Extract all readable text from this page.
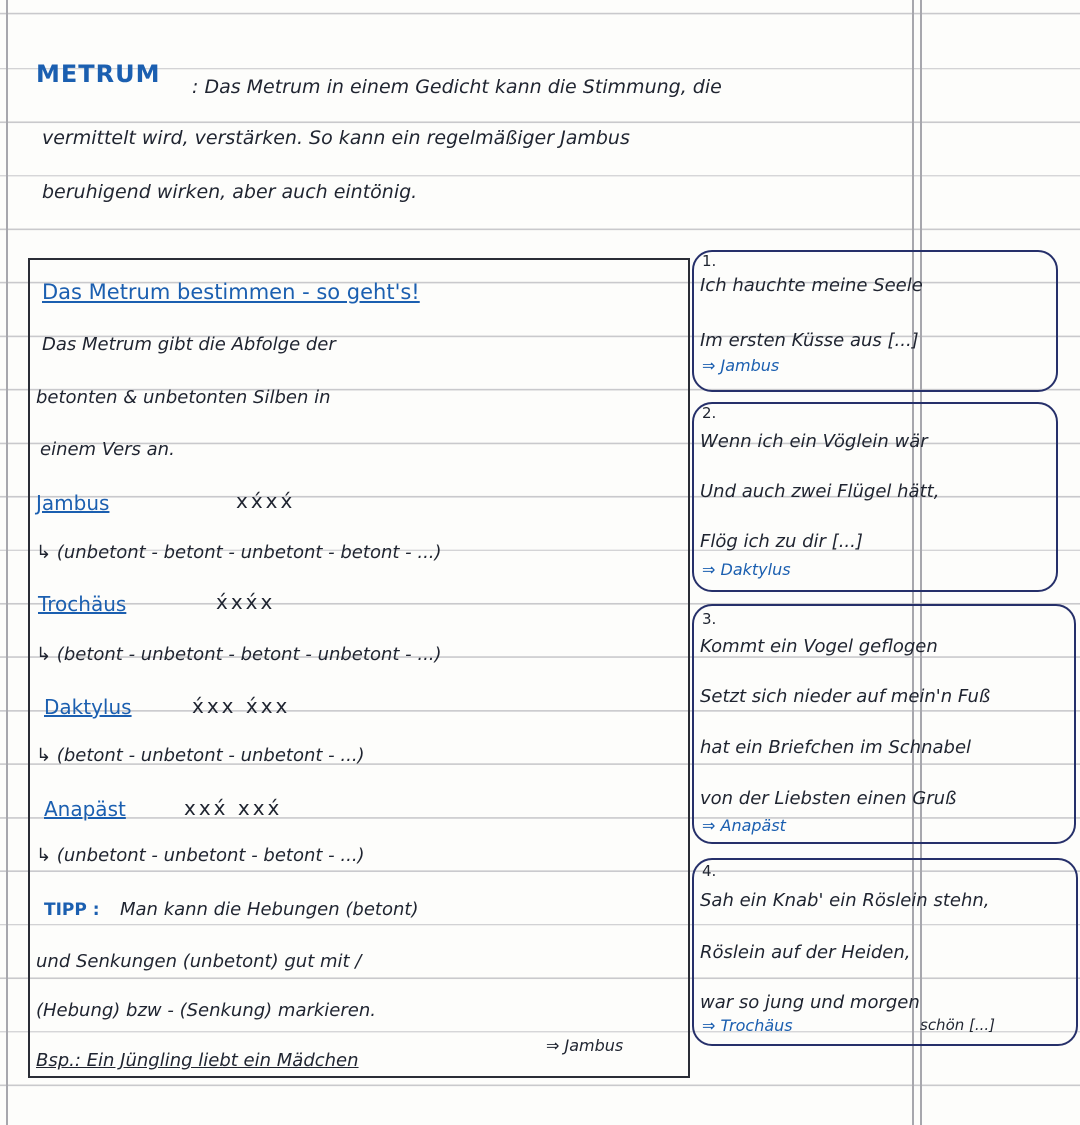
METRUM : Das Metrum in einem Gedicht kann die Stimmung, die
vermittelt wird, verstärken. So kann ein regelmäßiger Jambus
beruhigend wirken, aber auch eintönig.
Das Metrum bestimmen - so geht's!
Das Metrum gibt die Abfolge der
betonten & unbetonten Silben in
einem Vers an.
Jambus	xx́xx́
↳ (unbetont - betont - unbetont - betont - ...)
Trochäus	x́xx́x
↳ (betont - unbetont - betont - unbetont - ...)
Daktylus	x́xx x́xx
↳ (betont - unbetont - unbetont - ...)
Anapäst	xxx́ xxx́
↳ (unbetont - unbetont - betont - ...)
TIPP : Man kann die Hebungen (betont)
und Senkungen (unbetont) gut mit /
(Hebung) bzw - (Senkung) markieren.
Bsp.: Ein Jüngling liebt ein Mädchen
⇒ Jambus
1.
Ich hauchte meine Seele
Im ersten Küsse aus [...]
⇒ Jambus
2.
Wenn ich ein Vöglein wär
Und auch zwei Flügel hätt,
Flög ich zu dir [...]
⇒ Daktylus
3.
Kommt ein Vogel geflogen
Setzt sich nieder auf mein'n Fuß
hat ein Briefchen im Schnabel
von der Liebsten einen Gruß
⇒ Anapäst
4.
Sah ein Knab' ein Röslein stehn,
Röslein auf der Heiden,
war so jung und morgen
schön [...]
⇒ Trochäus
